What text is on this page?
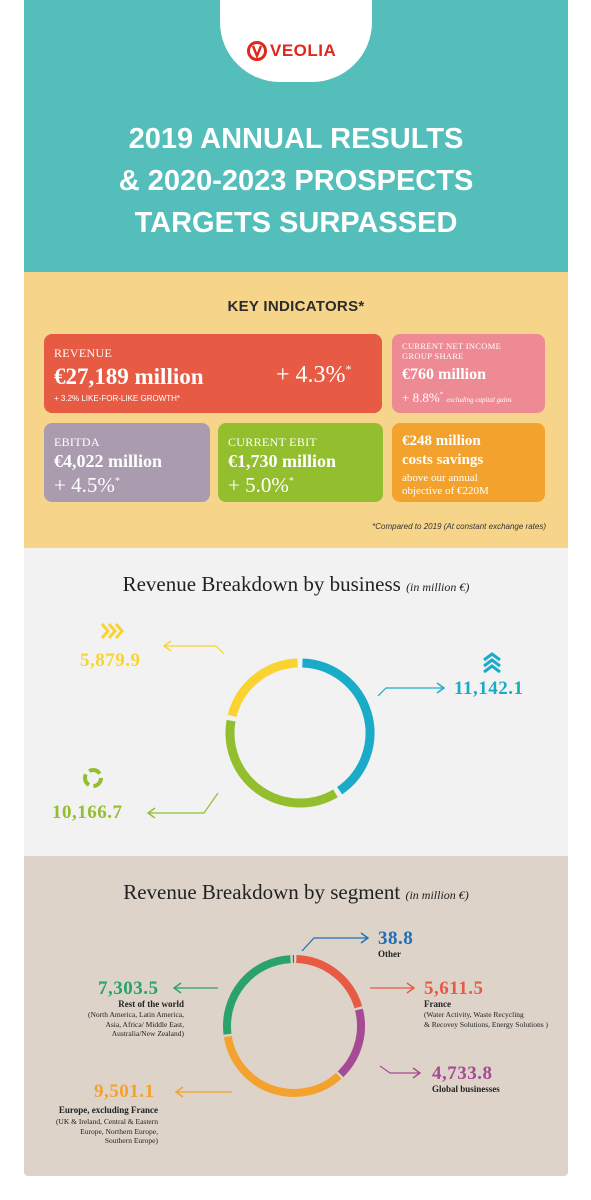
VEOLIA
2019 ANNUAL RESULTS
& 2020-2023 PROSPECTS
TARGETS SURPASSED
KEY INDICATORS*
REVENUE
€27,189 million	+ 4.3%*
+ 3.2% LIKE-FOR-LIKE GROWTH*
CURRENT NET INCOME
GROUP SHARE
€760 million
+ 8.8%* excluding capital gains
EBITDA
€4,022 million
+ 4.5%*
CURRENT EBIT
€1,730 million
+ 5.0%*
€248 million
costs savings
above our annual
objective of €220M
*Compared to 2019 (At constant exchange rates)
Revenue Breakdown by business (in million €)
5,879.9
11,142.1
10,166.7
Revenue Breakdown by segment (in million €)
38.8
Other
5,611.5
France
(Water Activity, Waste Recycling
& Recovey Solutions, Energy Solutions )
4,733.8
Global businesses
7,303.5
Rest of the world
(North America, Latin America,
Asia, Africa/ Middle East,
Australia/New Zealand)
9,501.1
Europe, excluding France
(UK & Ireland, Central & Eastern
Europe, Northern Europe,
Southern Europe)
